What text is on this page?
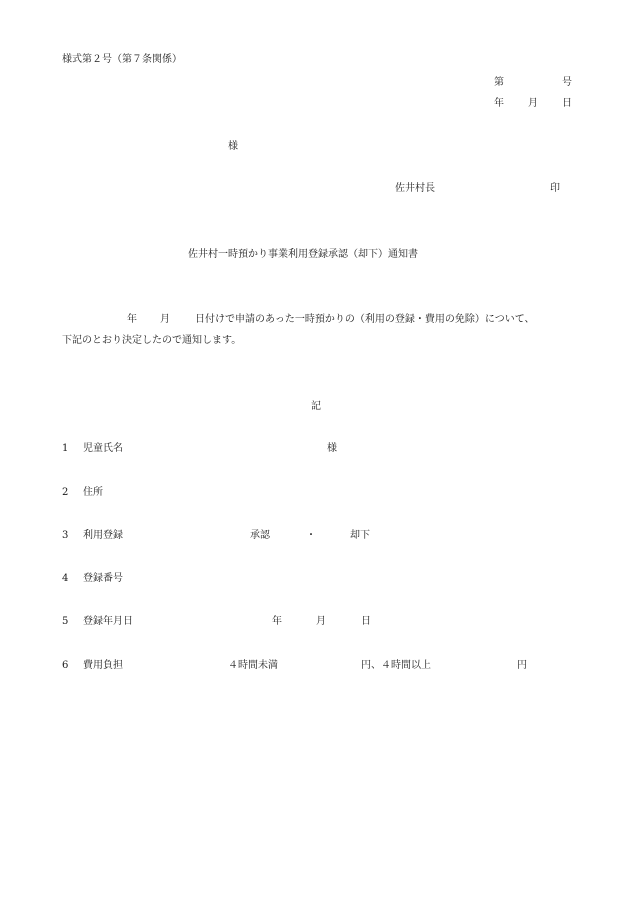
様式第２号（第７条関係）
第	号
年 月 日
様
佐井村長	印
佐井村一時預かり事業利用登録承認（却下）通知書
年 月	日付けで申請のあった一時預かりの（利用の登録・費用の免除）について、
下記のとおり決定したので通知します。
記
1 児童氏名	様
2 住所
3 利用登録	承認	・	却下
4 登録番号
5 登録年月日	年	月	日
6 費用負担	４時間未満	円、４時間以上	円
